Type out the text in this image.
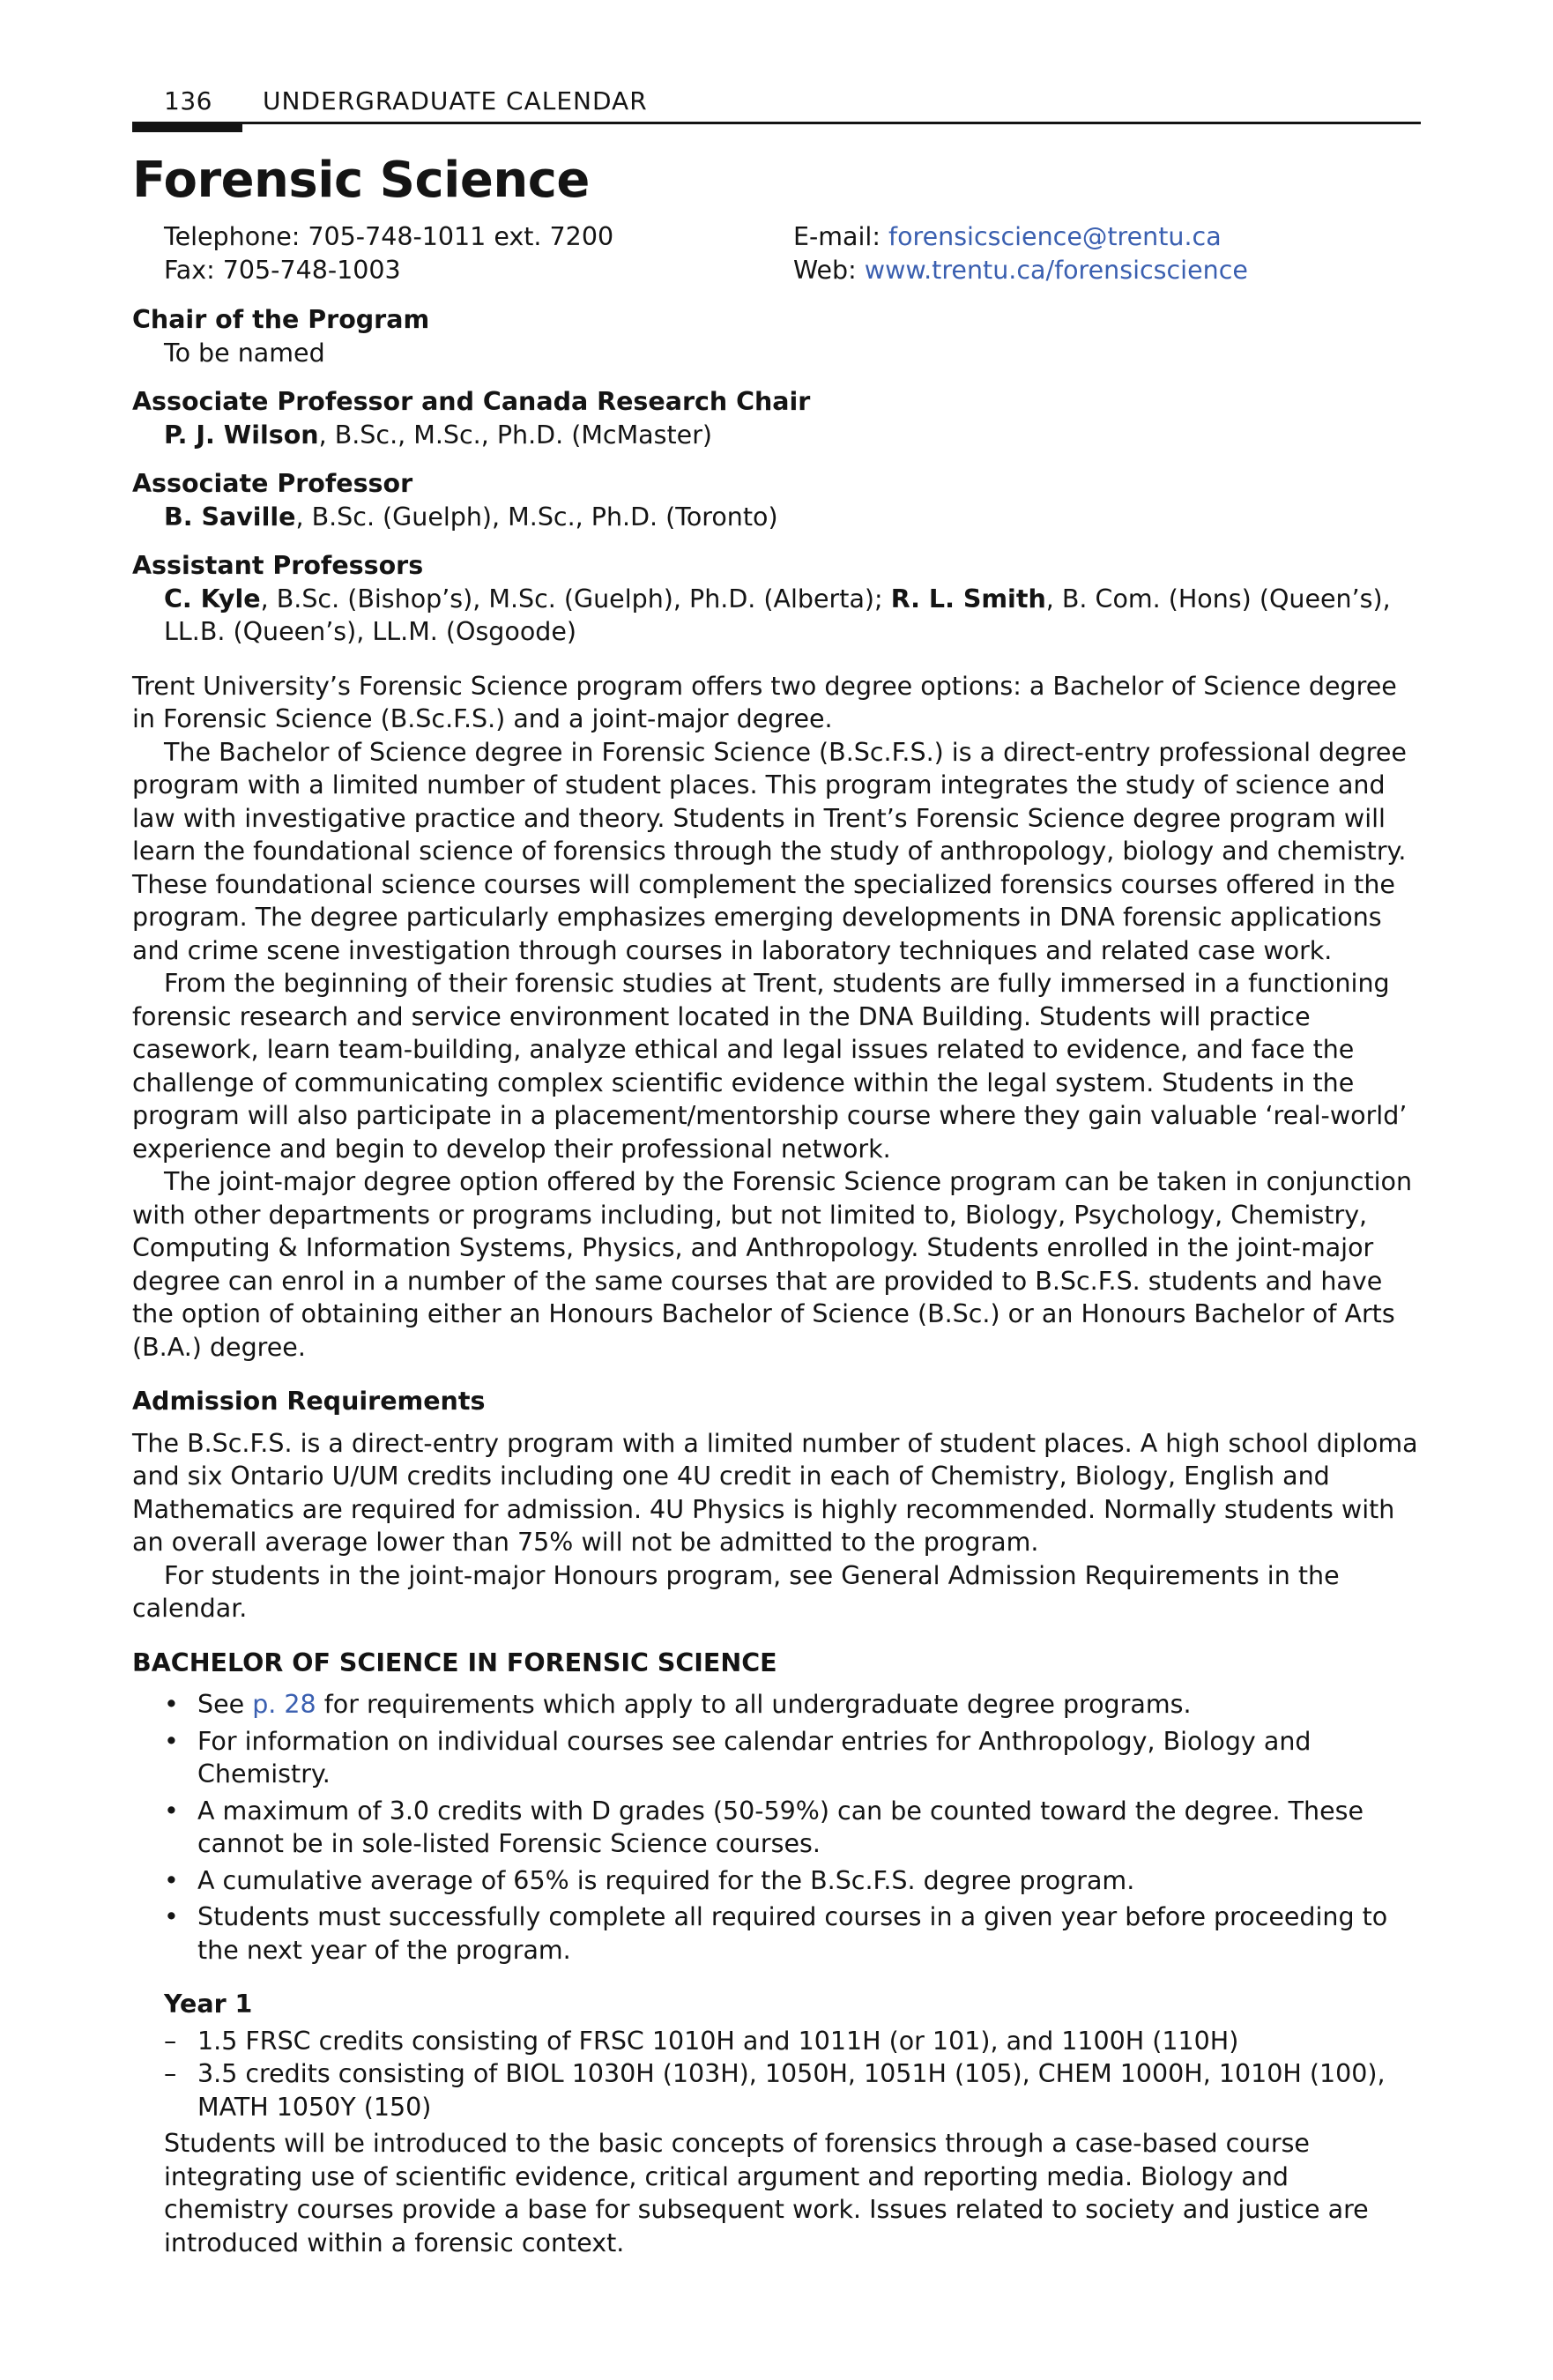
136 UNDERGRADUATE CALENDAR
Forensic Science
Telephone: 705-748-1011 ext. 7200
Fax: 705-748-1003
E-mail: forensicscience@trentu.ca
Web: www.trentu.ca/forensicscience
Chair of the Program
To be named
Associate Professor and Canada Research Chair
P. J. Wilson, B.Sc., M.Sc., Ph.D. (McMaster)
Associate Professor
B. Saville, B.Sc. (Guelph), M.Sc., Ph.D. (Toronto)
Assistant Professors
C. Kyle, B.Sc. (Bishop’s), M.Sc. (Guelph), Ph.D. (Alberta); R. L. Smith, B. Com. (Hons) (Queen’s), LL.B. (Queen’s), LL.M. (Osgoode)

Trent University’s Forensic Science program offers two degree options: a Bachelor of Science degree in Forensic Science (B.Sc.F.S.) and a joint-major degree.

The Bachelor of Science degree in Forensic Science (B.Sc.F.S.) is a direct-entry professional degree program with a limited number of student places. This program integrates the study of science and law with investigative practice and theory. Students in Trent’s Forensic Science degree program will learn the foundational science of forensics through the study of anthropology, biology and chemistry. These foundational science courses will complement the specialized forensics courses offered in the program. The degree particularly emphasizes emerging developments in DNA forensic applications and crime scene investigation through courses in laboratory techniques and related case work.

From the beginning of their forensic studies at Trent, students are fully immersed in a functioning forensic research and service environment located in the DNA Building. Students will practice casework, learn team-building, analyze ethical and legal issues related to evidence, and face the challenge of communicating complex scientific evidence within the legal system. Students in the program will also participate in a placement/mentorship course where they gain valuable ‘real-world’ experience and begin to develop their professional network.

The joint-major degree option offered by the Forensic Science program can be taken in conjunction with other departments or programs including, but not limited to, Biology, Psychology, Chemistry, Computing & Information Systems, Physics, and Anthropology. Students enrolled in the joint-major degree can enrol in a number of the same courses that are provided to B.Sc.F.S. students and have the option of obtaining either an Honours Bachelor of Science (B.Sc.) or an Honours Bachelor of Arts (B.A.) degree.

Admission Requirements

The B.Sc.F.S. is a direct-entry program with a limited number of student places. A high school diploma and six Ontario U/UM credits including one 4U credit in each of Chemistry, Biology, English and Mathematics are required for admission. 4U Physics is highly recommended. Normally students with an overall average lower than 75% will not be admitted to the program.

For students in the joint-major Honours program, see General Admission Requirements in the calendar.

BACHELOR OF SCIENCE IN FORENSIC SCIENCE
• See p. 28 for requirements which apply to all undergraduate degree programs.
• For information on individual courses see calendar entries for Anthropology, Biology and Chemistry.
• A maximum of 3.0 credits with D grades (50-59%) can be counted toward the degree. These cannot be in sole-listed Forensic Science courses.
• A cumulative average of 65% is required for the B.Sc.F.S. degree program.
• Students must successfully complete all required courses in a given year before proceeding to the next year of the program.
Year 1
– 1.5 FRSC credits consisting of FRSC 1010H and 1011H (or 101), and 1100H (110H)
– 3.5 credits consisting of BIOL 1030H (103H), 1050H, 1051H (105), CHEM 1000H, 1010H (100), MATH 1050Y (150)
Students will be introduced to the basic concepts of forensics through a case-based course integrating use of scientific evidence, critical argument and reporting media. Biology and chemistry courses provide a base for subsequent work. Issues related to society and justice are introduced within a forensic context.
